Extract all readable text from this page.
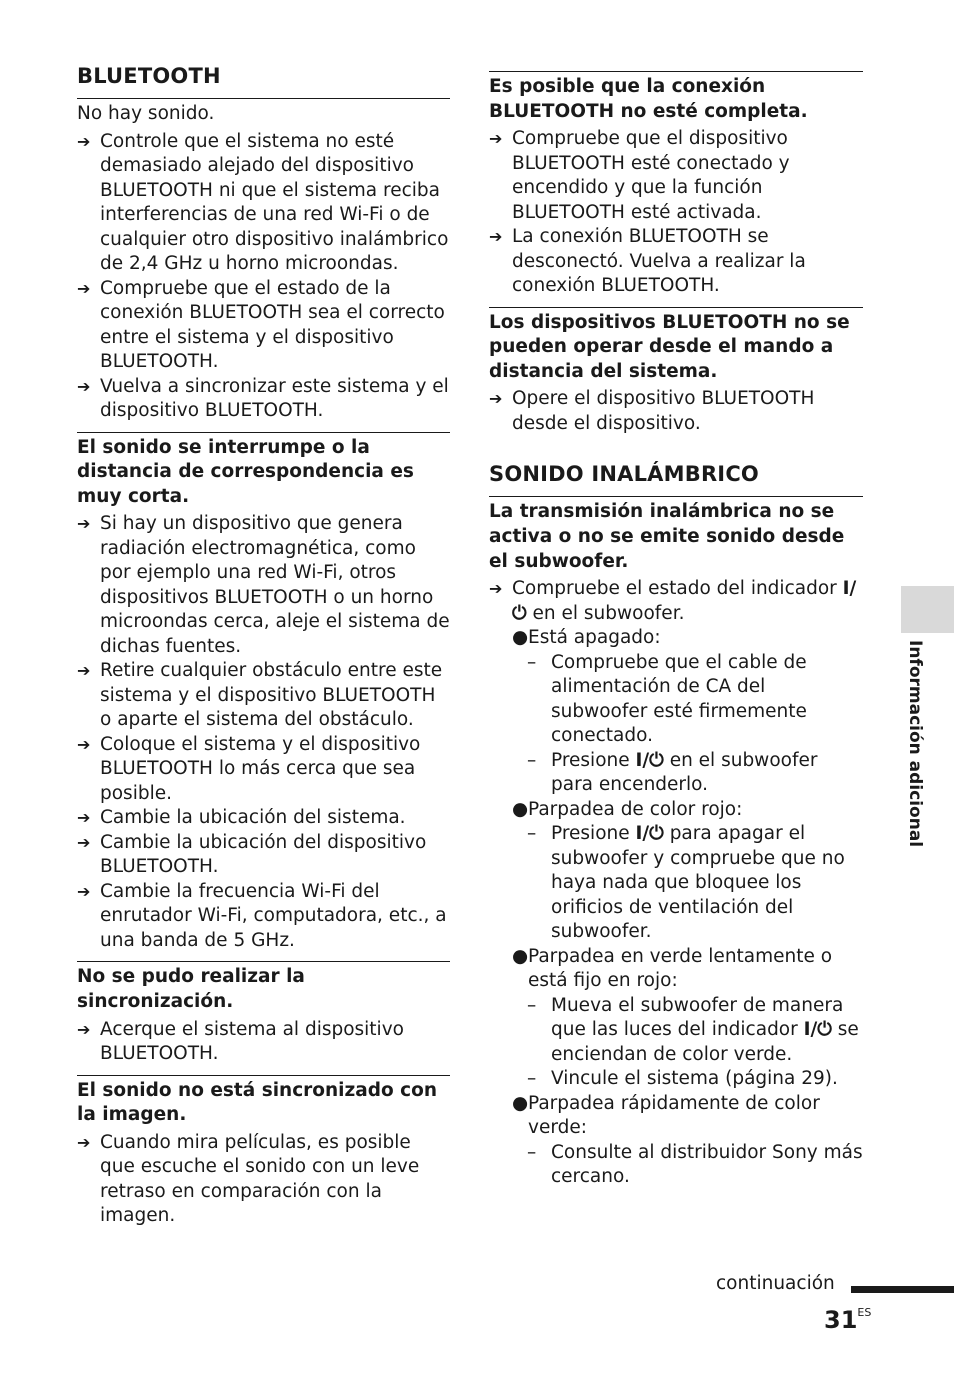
BLUETOOTH
No hay sonido.
➔ Controle que el sistema no esté demasiado alejado del dispositivo BLUETOOTH ni que el sistema reciba interferencias de una red Wi-Fi o de cualquier otro dispositivo inalámbrico de 2,4 GHz u horno microondas.
➔ Compruebe que el estado de la conexión BLUETOOTH sea el correcto entre el sistema y el dispositivo BLUETOOTH.
➔ Vuelva a sincronizar este sistema y el dispositivo BLUETOOTH.
El sonido se interrumpe o la distancia de correspondencia es muy corta.
➔ Si hay un dispositivo que genera radiación electromagnética, como por ejemplo una red Wi-Fi, otros dispositivos BLUETOOTH o un horno microondas cerca, aleje el sistema de dichas fuentes.
➔ Retire cualquier obstáculo entre este sistema y el dispositivo BLUETOOTH o aparte el sistema del obstáculo.
➔ Coloque el sistema y el dispositivo BLUETOOTH lo más cerca que sea posible.
➔ Cambie la ubicación del sistema.
➔ Cambie la ubicación del dispositivo BLUETOOTH.
➔ Cambie la frecuencia Wi-Fi del enrutador Wi-Fi, computadora, etc., a una banda de 5 GHz.
No se pudo realizar la sincronización.
➔ Acerque el sistema al dispositivo BLUETOOTH.
El sonido no está sincronizado con la imagen.
➔ Cuando mira películas, es posible que escuche el sonido con un leve retraso en comparación con la imagen.
Es posible que la conexión BLUETOOTH no esté completa.
➔ Compruebe que el dispositivo BLUETOOTH esté conectado y encendido y que la función BLUETOOTH esté activada.
➔ La conexión BLUETOOTH se desconectó. Vuelva a realizar la conexión BLUETOOTH.
Los dispositivos BLUETOOTH no se pueden operar desde el mando a distancia del sistema.
➔ Opere el dispositivo BLUETOOTH desde el dispositivo.
SONIDO INALÁMBRICO
La transmisión inalámbrica no se activa o no se emite sonido desde el subwoofer.
➔ Compruebe el estado del indicador I/⏻ en el subwoofer.
● Está apagado:
– Compruebe que el cable de alimentación de CA del subwoofer esté firmemente conectado.
– Presione I/⏻ en el subwoofer para encenderlo.
● Parpadea de color rojo:
– Presione I/⏻ para apagar el subwoofer y compruebe que no haya nada que bloquee los orificios de ventilación del subwoofer.
● Parpadea en verde lentamente o está fijo en rojo:
– Mueva el subwoofer de manera que las luces del indicador I/⏻ se enciendan de color verde.
– Vincule el sistema (página 29).
● Parpadea rápidamente de color verde:
– Consulte al distribuidor Sony más cercano.
Información adicional
continuación
$31^{ES}$
